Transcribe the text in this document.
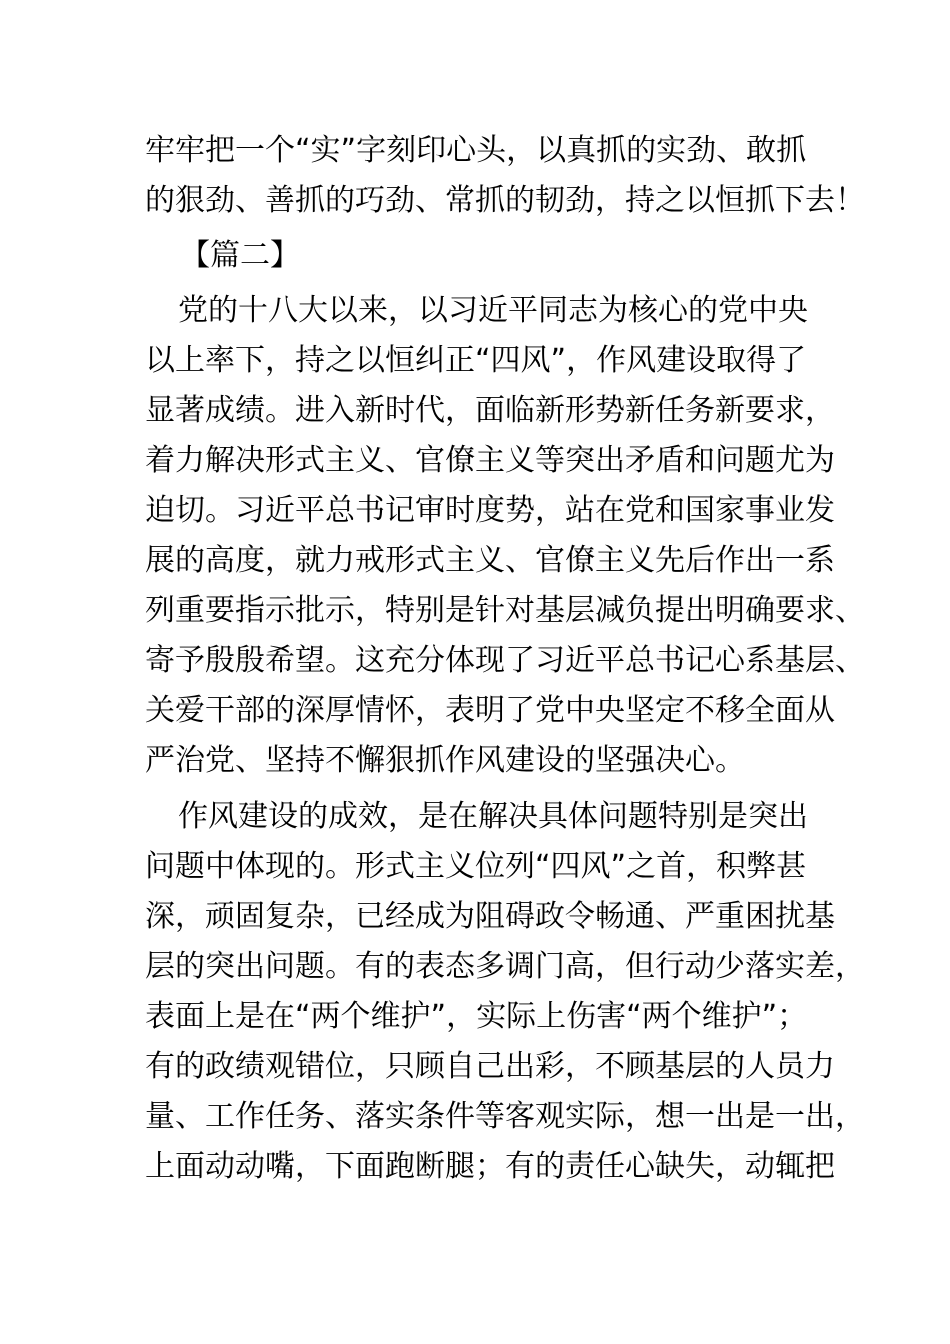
牢牢把一个“实”字刻印心头，以真抓的实劲、敢抓
的狠劲、善抓的巧劲、常抓的韧劲，持之以恒抓下去！
【篇二】
党的十八大以来，以习近平同志为核心的党中央
以上率下，持之以恒纠正“四风”，作风建设取得了
显著成绩。进入新时代，面临新形势新任务新要求，
着力解决形式主义、官僚主义等突出矛盾和问题尤为
迫切。习近平总书记审时度势，站在党和国家事业发
展的高度，就力戒形式主义、官僚主义先后作出一系
列重要指示批示，特别是针对基层减负提出明确要求、
寄予殷殷希望。这充分体现了习近平总书记心系基层、
关爱干部的深厚情怀，表明了党中央坚定不移全面从
严治党、坚持不懈狠抓作风建设的坚强决心。
作风建设的成效，是在解决具体问题特别是突出
问题中体现的。形式主义位列“四风”之首，积弊甚
深，顽固复杂，已经成为阻碍政令畅通、严重困扰基
层的突出问题。有的表态多调门高，但行动少落实差，
表面上是在“两个维护”，实际上伤害“两个维护”；
有的政绩观错位，只顾自己出彩，不顾基层的人员力
量、工作任务、落实条件等客观实际，想一出是一出，
上面动动嘴，下面跑断腿；有的责任心缺失，动辄把
